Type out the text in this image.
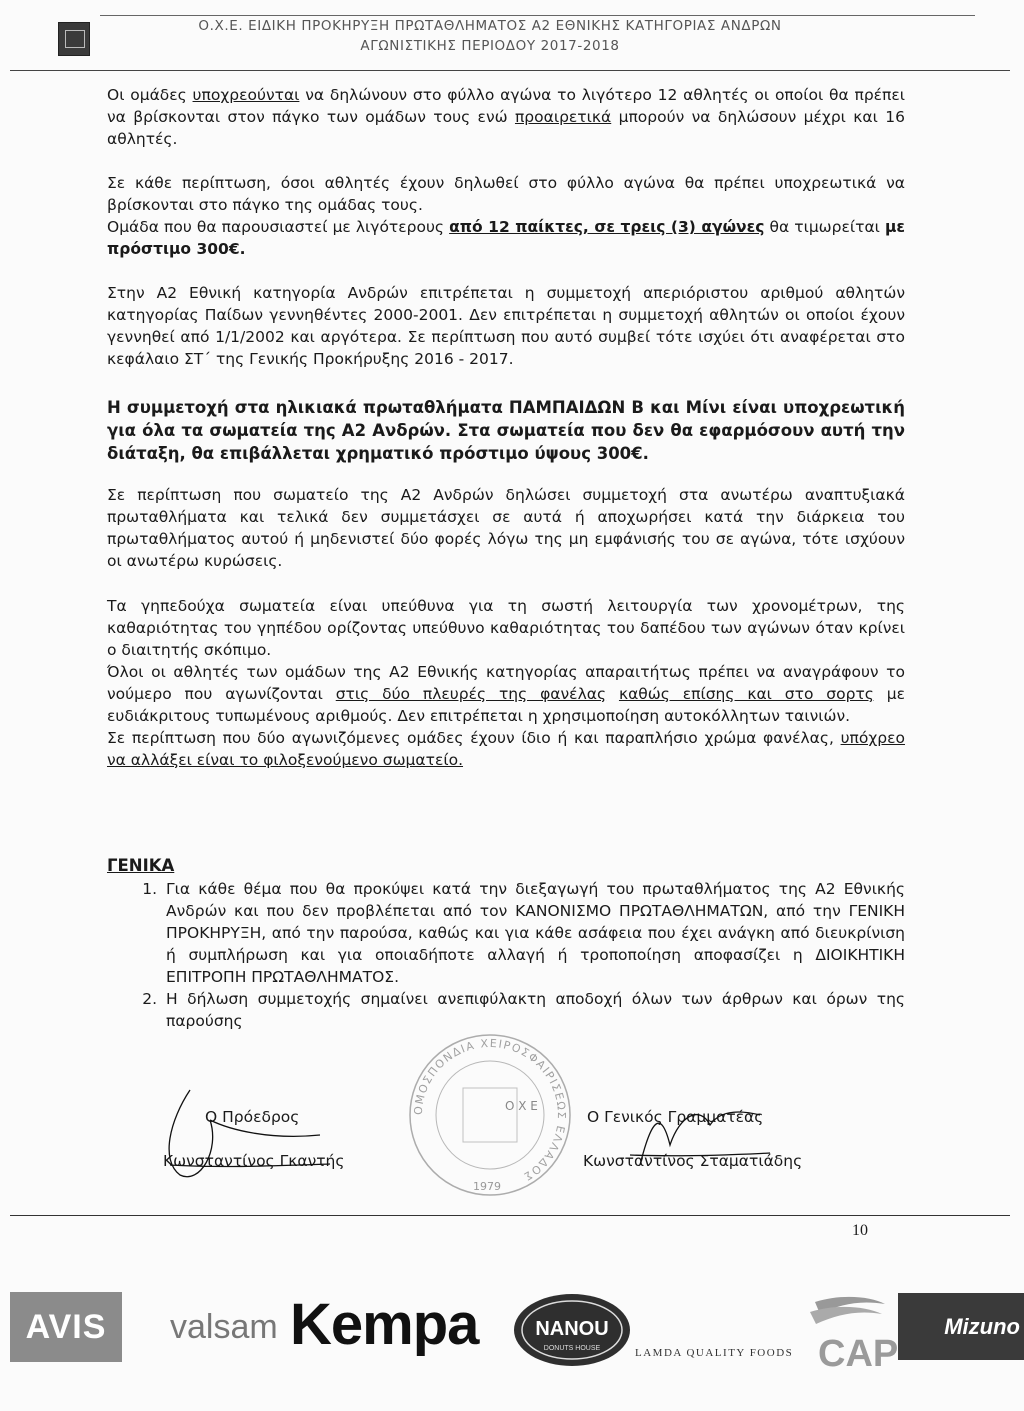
Ο.Χ.Ε. ΕΙΔΙΚΗ ΠΡΟΚΗΡΥΞΗ ΠΡΩΤΑΘΛΗΜΑΤΟΣ Α2 ΕΘΝΙΚΗΣ ΚΑΤΗΓΟΡΙΑΣ ΑΝΔΡΩΝ
ΑΓΩΝΙΣΤΙΚΗΣ ΠΕΡΙΟΔΟΥ 2017-2018
Οι ομάδες υποχρεούνται να δηλώνουν στο φύλλο αγώνα το λιγότερο 12 αθλητές οι οποίοι θα πρέπει να βρίσκονται στον πάγκο των ομάδων τους ενώ προαιρετικά μπορούν να δηλώσουν μέχρι και 16 αθλητές.

Σε κάθε περίπτωση, όσοι αθλητές έχουν δηλωθεί στο φύλλο αγώνα θα πρέπει υποχρεωτικά να βρίσκονται στο πάγκο της ομάδας τους.

Ομάδα που θα παρουσιαστεί με λιγότερους από 12 παίκτες, σε τρεις (3) αγώνες θα τιμωρείται με πρόστιμο 300€.

Στην Α2 Εθνική κατηγορία Ανδρών επιτρέπεται η συμμετοχή απεριόριστου αριθμού αθλητών κατηγορίας Παίδων γεννηθέντες 2000-2001. Δεν επιτρέπεται η συμμετοχή αθλητών οι οποίοι έχουν γεννηθεί από 1/1/2002 και αργότερα. Σε περίπτωση που αυτό συμβεί τότε ισχύει ότι αναφέρεται στο κεφάλαιο ΣΤ΄ της Γενικής Προκήρυξης 2016 - 2017.

Η συμμετοχή στα ηλικιακά πρωταθλήματα ΠΑΜΠΑΙΔΩΝ Β και Μίνι είναι υποχρεωτική για όλα τα σωματεία της Α2 Ανδρών. Στα σωματεία που δεν θα εφαρμόσουν αυτή την διάταξη, θα επιβάλλεται χρηματικό πρόστιμο ύψους 300€.

Σε περίπτωση που σωματείο της Α2 Ανδρών δηλώσει συμμετοχή στα ανωτέρω αναπτυξιακά πρωταθλήματα και τελικά δεν συμμετάσχει σε αυτά ή αποχωρήσει κατά την διάρκεια του πρωταθλήματος αυτού ή μηδενιστεί δύο φορές λόγω της μη εμφάνισής του σε αγώνα, τότε ισχύουν οι ανωτέρω κυρώσεις.

Τα γηπεδούχα σωματεία είναι υπεύθυνα για τη σωστή λειτουργία των χρονομέτρων, της καθαριότητας του γηπέδου ορίζοντας υπεύθυνο καθαριότητας του δαπέδου των αγώνων όταν κρίνει ο διαιτητής σκόπιμο.

Όλοι οι αθλητές των ομάδων της Α2 Εθνικής κατηγορίας απαραιτήτως πρέπει να αναγράφουν το νούμερο που αγωνίζονται στις δύο πλευρές της φανέλας καθώς επίσης και στο σορτς με ευδιάκριτους τυπωμένους αριθμούς. Δεν επιτρέπεται η χρησιμοποίηση αυτοκόλλητων ταινιών.

Σε περίπτωση που δύο αγωνιζόμενες ομάδες έχουν ίδιο ή και παραπλήσιο χρώμα φανέλας, υπόχρεο να αλλάξει είναι το φιλοξενούμενο σωματείο.

ΓΕΝΙΚΑ
1. Για κάθε θέμα που θα προκύψει κατά την διεξαγωγή του πρωταθλήματος της Α2 Εθνικής Ανδρών και που δεν προβλέπεται από τον ΚΑΝΟΝΙΣΜΟ ΠΡΩΤΑΘΛΗΜΑΤΩΝ, από την ΓΕΝΙΚΗ ΠΡΟΚΗΡΥΞΗ, από την παρούσα, καθώς και για κάθε ασάφεια που έχει ανάγκη από διευκρίνιση ή συμπλήρωση και για οποιαδήποτε αλλαγή ή τροποποίηση αποφασίζει η ΔΙΟΙΚΗΤΙΚΗ ΕΠΙΤΡΟΠΗ ΠΡΩΤΑΘΛΗΜΑΤΟΣ.
2. Η δήλωση συμμετοχής σημαίνει ανεπιφύλακτη αποδοχή όλων των άρθρων και όρων της παρούσης
ΟΜΟΣΠΟΝΔΙΑ ΧΕΙΡΟΣΦΑΙΡΙΣΕΩΣ ΕΛΛΑΔΟΣ
Ο Χ Ε
1979
Ο Πρόεδρος
Κωνσταντίνος Γκαντής
Ο Γενικός Γραμματέας
Κωνσταντίνος Σταματιάδης
10
AVIS	valsam Kempa	NANOU
DONUTS HOUSE	LAMDA QUALITY FOODS CAP
Mizuno
